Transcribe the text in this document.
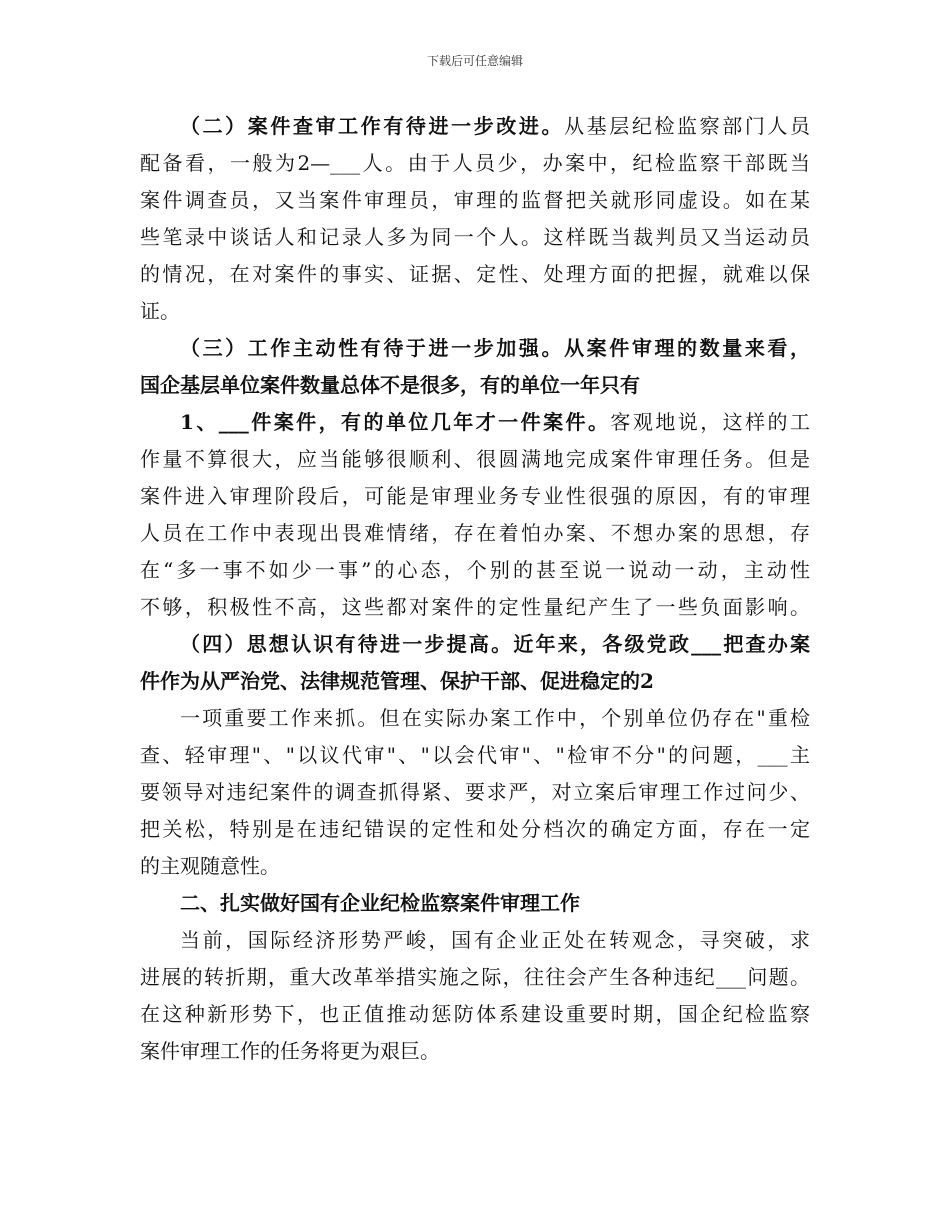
下载后可任意编辑
（二）案件查审工作有待进一步改进。从基层纪检监察部门人员
配备看，一般为2—___人。由于人员少，办案中，纪检监察干部既当
案件调查员，又当案件审理员，审理的监督把关就形同虚设。如在某
些笔录中谈话人和记录人多为同一个人。这样既当裁判员又当运动员
的情况，在对案件的事实、证据、定性、处理方面的把握，就难以保
证。
（三）工作主动性有待于进一步加强。从案件审理的数量来看，
国企基层单位案件数量总体不是很多，有的单位一年只有
1、___件案件，有的单位几年才一件案件。客观地说，这样的工
作量不算很大，应当能够很顺利、很圆满地完成案件审理任务。但是
案件进入审理阶段后，可能是审理业务专业性很强的原因，有的审理
人员在工作中表现出畏难情绪，存在着怕办案、不想办案的思想，存
在“多一事不如少一事”的心态，个别的甚至说一说动一动，主动性
不够，积极性不高，这些都对案件的定性量纪产生了一些负面影响。
（四）思想认识有待进一步提高。近年来，各级党政___把查办案
件作为从严治党、法律规范管理、保护干部、促进稳定的2
一项重要工作来抓。但在实际办案工作中，个别单位仍存在"重检
查、轻审理"、"以议代审"、"以会代审"、"检审不分"的问题，___主
要领导对违纪案件的调查抓得紧、要求严，对立案后审理工作过问少、
把关松，特别是在违纪错误的定性和处分档次的确定方面，存在一定
的主观随意性。
二、扎实做好国有企业纪检监察案件审理工作
当前，国际经济形势严峻，国有企业正处在转观念，寻突破，求
进展的转折期，重大改革举措实施之际，往往会产生各种违纪___问题。
在这种新形势下，也正值推动惩防体系建设重要时期，国企纪检监察
案件审理工作的任务将更为艰巨。
